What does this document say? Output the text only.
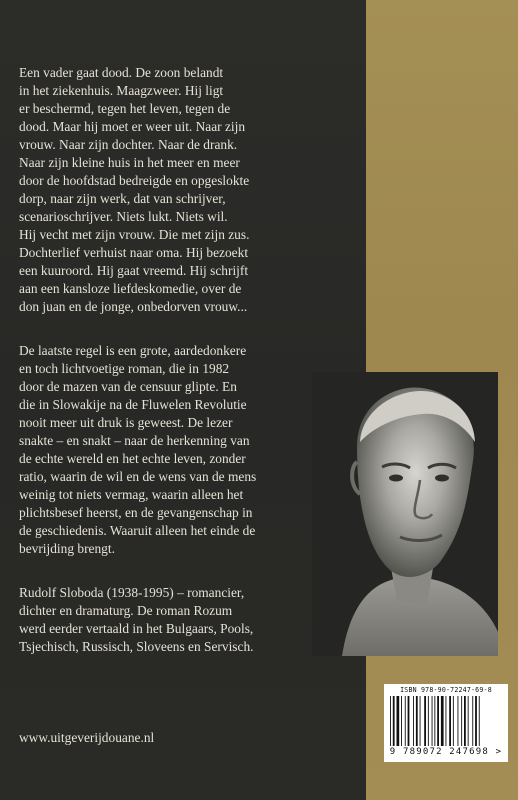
Een vader gaat dood. De zoon belandt
in het ziekenhuis. Maagzweer. Hij ligt
er beschermd, tegen het leven, tegen de
dood. Maar hij moet er weer uit. Naar zijn
vrouw. Naar zijn dochter. Naar de drank.
Naar zijn kleine huis in het meer en meer
door de hoofdstad bedreigde en opgeslokte
dorp, naar zijn werk, dat van schrijver,
scenarioschrijver. Niets lukt. Niets wil.
Hij vecht met zijn vrouw. Die met zijn zus.
Dochterlief verhuist naar oma. Hij bezoekt
een kuuroord. Hij gaat vreemd. Hij schrijft
aan een kansloze liefdeskomedie, over de
don juan en de jonge, onbedorven vrouw...
De laatste regel is een grote, aardedonkere
en toch lichtvoetige roman, die in 1982
door de mazen van de censuur glipte. En
die in Slowakije na de Fluwelen Revolutie
nooit meer uit druk is geweest. De lezer
snakte – en snakt – naar de herkenning van
de echte wereld en het echte leven, zonder
ratio, waarin de wil en de wens van de mens
weinig tot niets vermag, waarin alleen het
plichtsbesef heerst, en de gevangenschap in
de geschiedenis. Waaruit alleen het einde de
bevrijding brengt.
Rudolf Sloboda (1938-1995) – romancier,
dichter en dramaturg. De roman Rozum
werd eerder vertaald in het Bulgaars, Pools,
Tsjechisch, Russisch, Sloveens en Servisch.
www.uitgeverijdouane.nl
ISBN 978-90-72247-69-8
9 789072 247698 >
